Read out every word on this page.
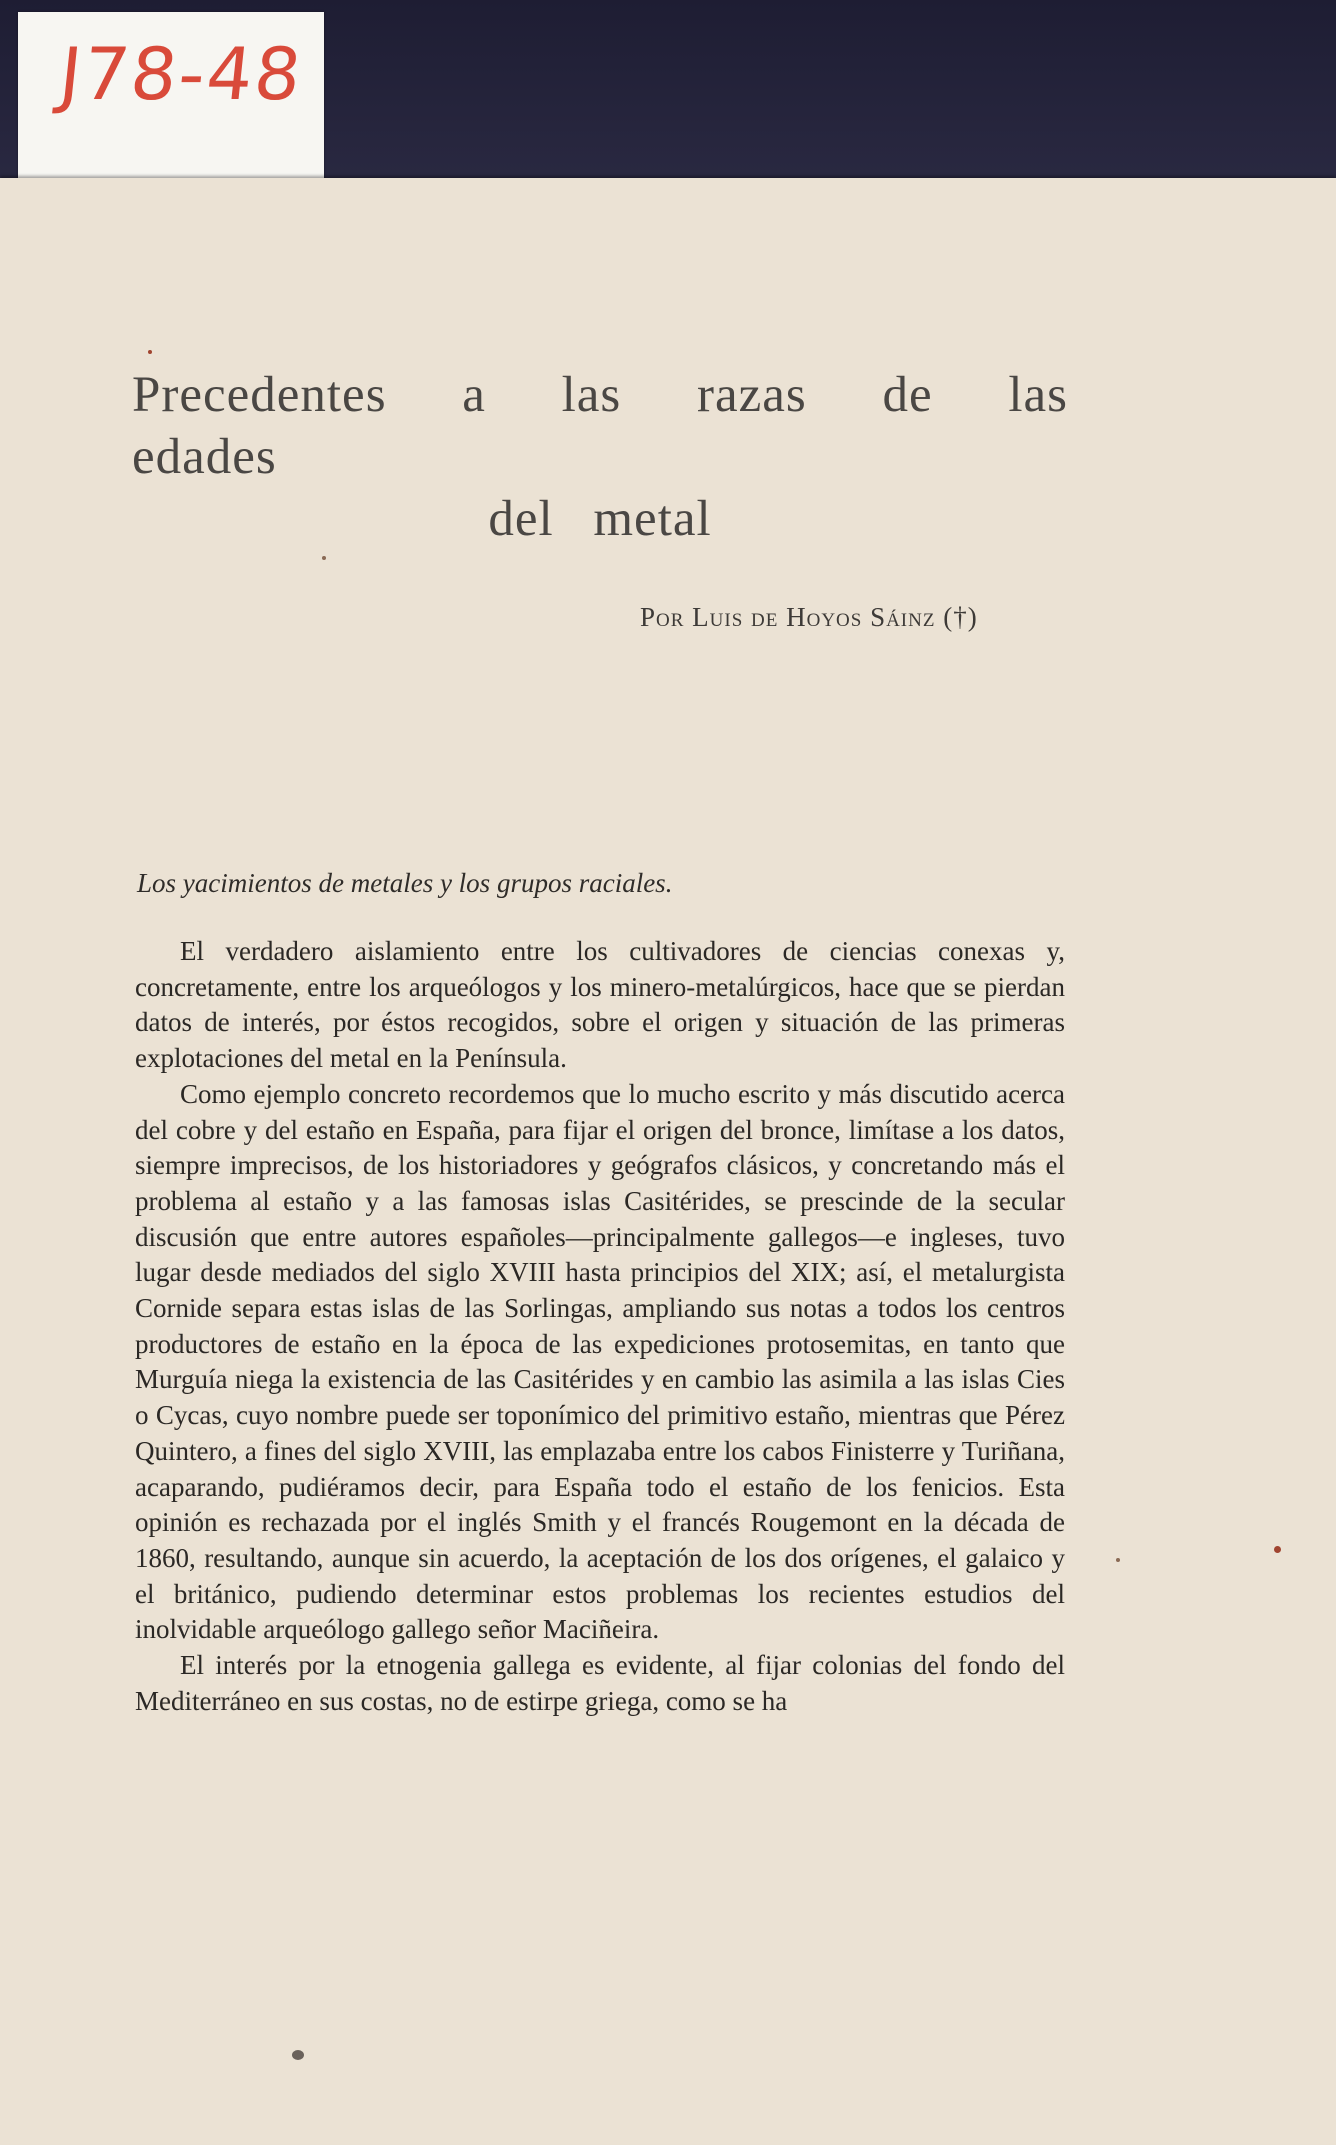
J78-48
Precedentes a las razas de las edades
del metal
Por Luis de Hoyos Sáinz (†)
Los yacimientos de metales y los grupos raciales.

El verdadero aislamiento entre los cultivadores de ciencias conexas y, concretamente, entre los arqueólogos y los minero-metalúrgicos, hace que se pierdan datos de interés, por éstos recogidos, sobre el origen y situación de las primeras explotaciones del metal en la Península.

Como ejemplo concreto recordemos que lo mucho escrito y más discutido acerca del cobre y del estaño en España, para fijar el origen del bronce, limítase a los datos, siempre imprecisos, de los historiadores y geógrafos clásicos, y concretando más el problema al estaño y a las famosas islas Casitérides, se prescinde de la secular discusión que entre autores españoles—principalmente gallegos—e ingleses, tuvo lugar desde mediados del siglo XVIII hasta principios del XIX; así, el metalurgista Cornide separa estas islas de las Sorlingas, ampliando sus notas a todos los centros productores de estaño en la época de las expediciones protosemitas, en tanto que Murguía niega la existencia de las Casitérides y en cambio las asimila a las islas Cies o Cycas, cuyo nombre puede ser toponímico del primitivo estaño, mientras que Pérez Quintero, a fines del siglo XVIII, las emplazaba entre los cabos Finisterre y Turiñana, acaparando, pudiéramos decir, para España todo el estaño de los fenicios. Esta opinión es rechazada por el inglés Smith y el francés Rougemont en la década de 1860, resultando, aunque sin acuerdo, la aceptación de los dos orígenes, el galaico y el británico, pudiendo determinar estos problemas los recientes estudios del inolvidable arqueólogo gallego señor Maciñeira.

El interés por la etnogenia gallega es evidente, al fijar colonias del fondo del Mediterráneo en sus costas, no de estirpe griega, como se ha
